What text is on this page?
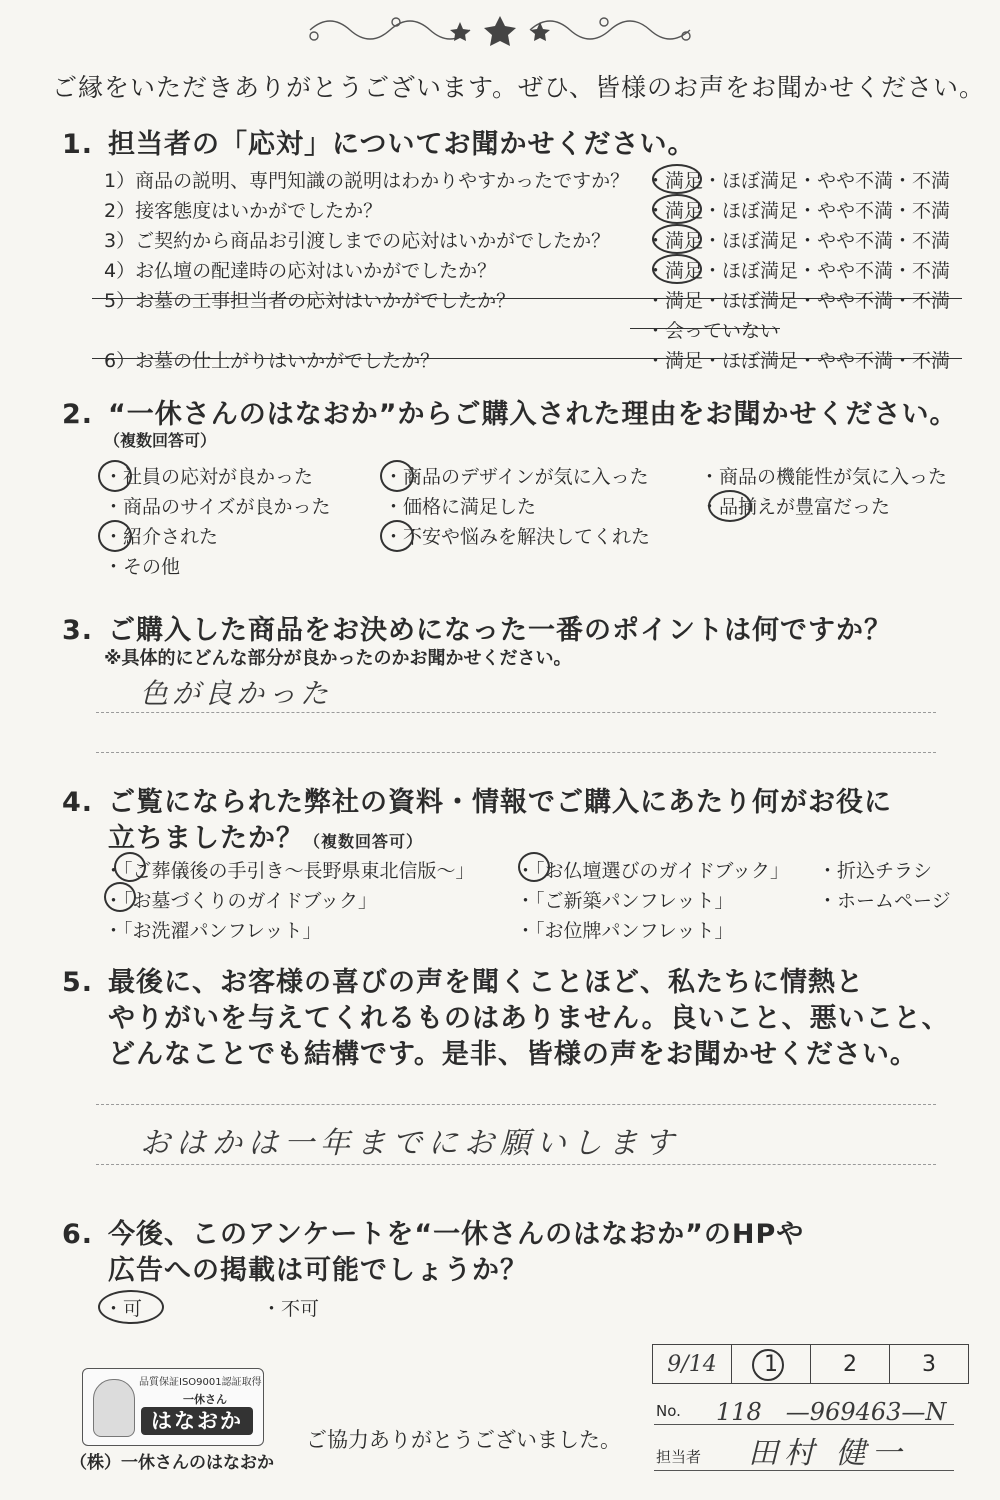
ご縁をいただきありがとうございます。ぜひ、皆様のお声をお聞かせください。
1. 担当者の「応対」についてお聞かせください。
1）商品の説明、専門知識の説明はわかりやすかったですか？ ・満足・ほぼ満足・やや不満・不満
2）接客態度はいかがでしたか？	・満足・ほぼ満足・やや不満・不満
3）ご契約から商品お引渡しまでの応対はいかがでしたか？ ・満足・ほぼ満足・やや不満・不満
4）お仏壇の配達時の応対はいかがでしたか？	・満足・ほぼ満足・やや不満・不満
5）お墓の工事担当者の応対はいかがでしたか？	・満足・ほぼ満足・やや不満・不満
・会っていない
6）お墓の仕上がりはいかがでしたか？	・満足・ほぼ満足・やや不満・不満
2. “一休さんのはなおか”からご購入された理由をお聞かせください。
（複数回答可）
・社員の応対が良かった	・商品のデザインが気に入った	・商品の機能性が気に入った
・商品のサイズが良かった	・価格に満足した	・品揃えが豊富だった
・紹介された	・不安や悩みを解決してくれた
・その他
3. ご購入した商品をお決めになった一番のポイントは何ですか？
※具体的にどんな部分が良かったのかお聞かせください。
色が良かった
4. ご覧になられた弊社の資料・情報でご購入にあたり何がお役に
立ちましたか？（複数回答可）
・「ご葬儀後の手引き〜長野県東北信版〜」 ・「お仏壇選びのガイドブック」 ・折込チラシ
・「お墓づくりのガイドブック」	・「ご新築パンフレット」	・ホームページ
・「お洗濯パンフレット」	・「お位牌パンフレット」
5. 最後に、お客様の喜びの声を聞くことほど、私たちに情熱と
やりがいを与えてくれるものはありません。良いこと、悪いこと、
どんなことでも結構です。是非、皆様の声をお聞かせください。
おはかは一年までにお願いします
6. 今後、このアンケートを“一休さんのはなおか”のHPや
広告への掲載は可能でしょうか？
・可	・不可
品質保証ISO9001認証取得
一休さん
はなおか
（株）一休さんのはなおか
ご協力ありがとうございました。
9/14	1	2	3
No. 118　—969463—N
担当者 田村 健一
